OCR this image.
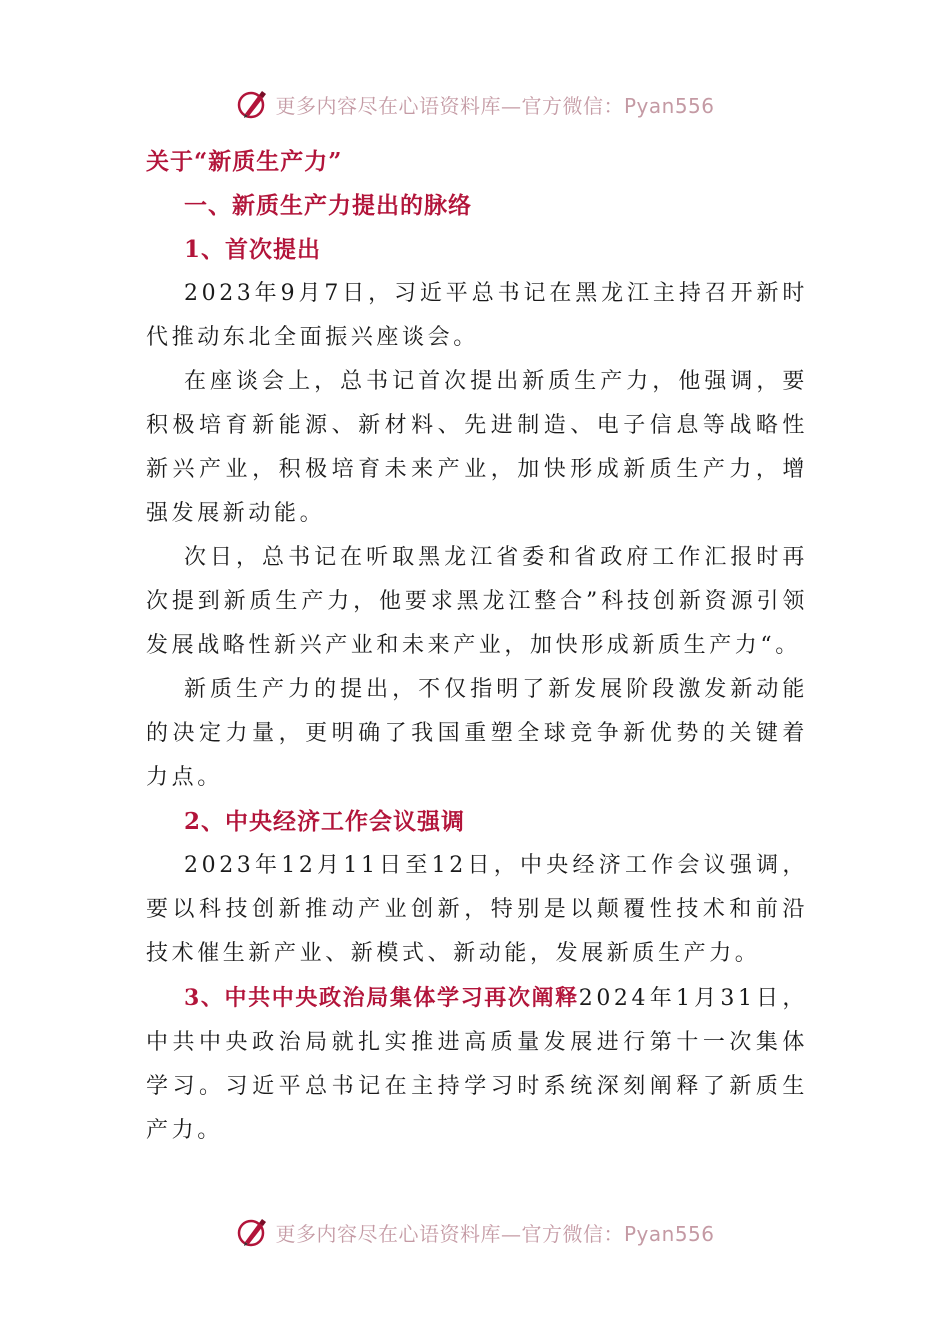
更多内容尽在心语资料库—官方微信：Pyan556

关于“新质生产力”

一、新质生产力提出的脉络

1、首次提出

2023年9月7日，习近平总书记在黑龙江主持召开新时代推动东北全面振兴座谈会。

在座谈会上，总书记首次提出新质生产力，他强调，要积极培育新能源、新材料、先进制造、电子信息等战略性新兴产业，积极培育未来产业，加快形成新质生产力，增强发展新动能。

次日，总书记在听取黑龙江省委和省政府工作汇报时再次提到新质生产力，他要求黑龙江整合”科技创新资源引领发展战略性新兴产业和未来产业，加快形成新质生产力“。

新质生产力的提出，不仅指明了新发展阶段激发新动能的决定力量，更明确了我国重塑全球竞争新优势的关键着力点。

2、中央经济工作会议强调

2023年12月11日至12日，中央经济工作会议强调，要以科技创新推动产业创新，特别是以颠覆性技术和前沿技术催生新产业、新模式、新动能，发展新质生产力。

3、中共中央政治局集体学习再次阐释2024年1月31日，中共中央政治局就扎实推进高质量发展进行第十一次集体学习。习近平总书记在主持学习时系统深刻阐释了新质生产力。

更多内容尽在心语资料库—官方微信：Pyan556
